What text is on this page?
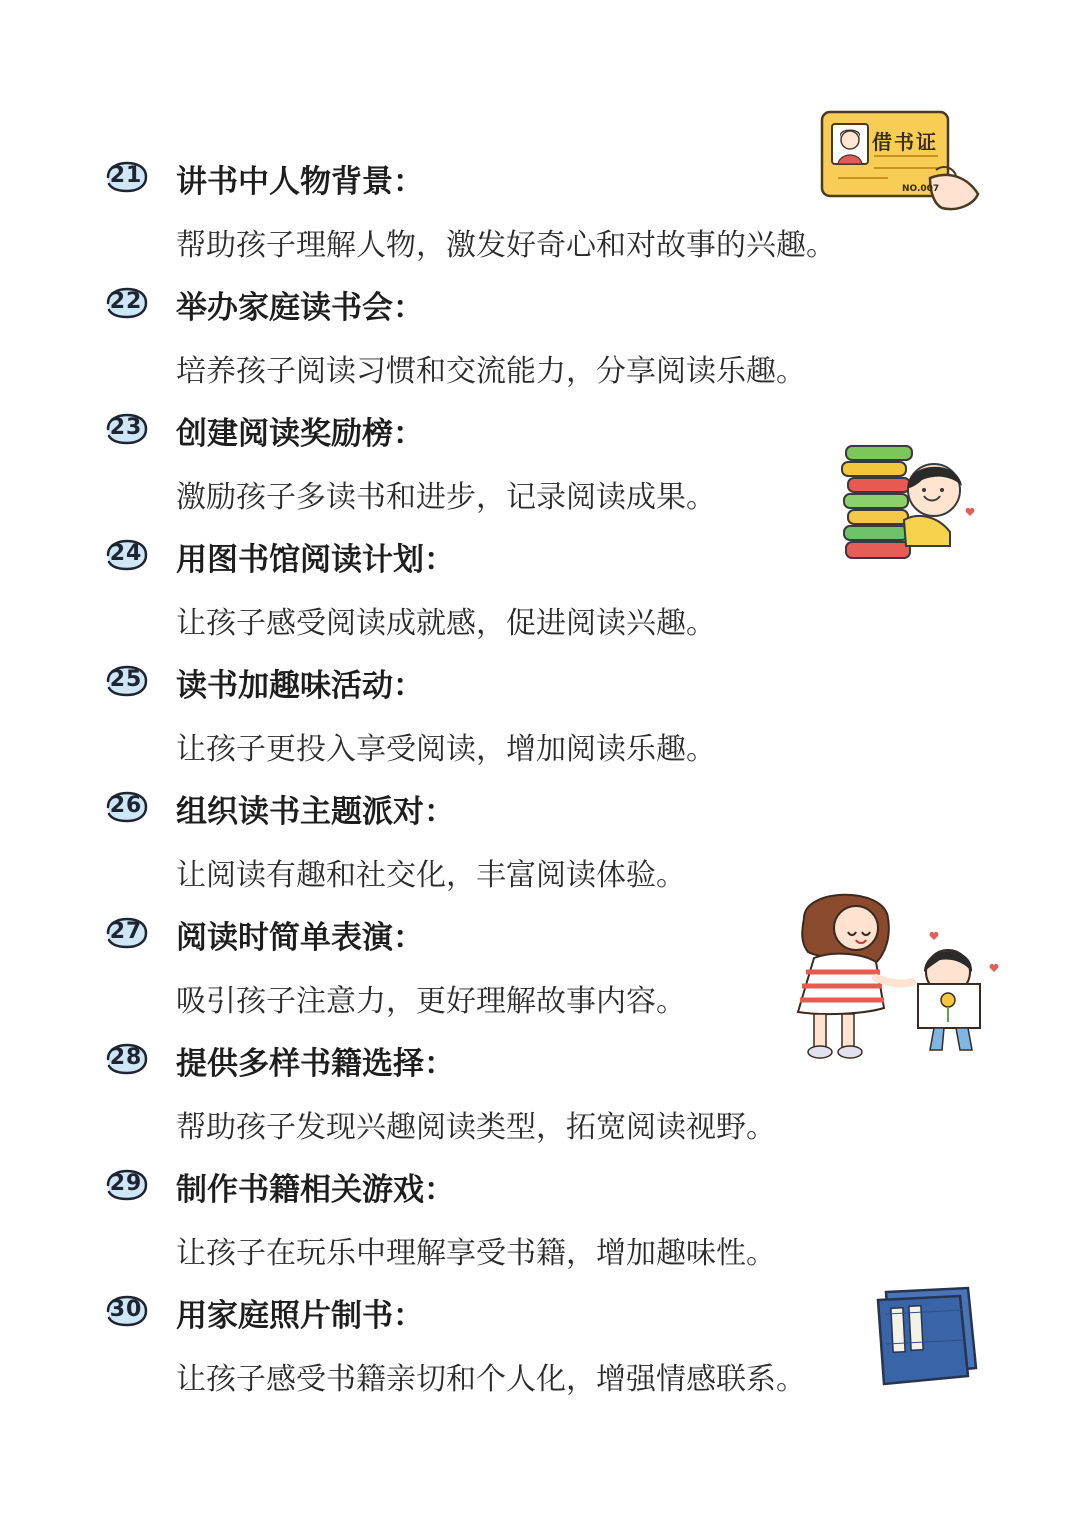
21 讲书中人物背景：
帮助孩子理解人物，激发好奇心和对故事的兴趣。
22 举办家庭读书会：
培养孩子阅读习惯和交流能力，分享阅读乐趣。
23 创建阅读奖励榜：
激励孩子多读书和进步，记录阅读成果。
24 用图书馆阅读计划：
让孩子感受阅读成就感，促进阅读兴趣。
25 读书加趣味活动：
让孩子更投入享受阅读，增加阅读乐趣。
26 组织读书主题派对：
让阅读有趣和社交化，丰富阅读体验。
27 阅读时简单表演：
吸引孩子注意力，更好理解故事内容。
28 提供多样书籍选择：
帮助孩子发现兴趣阅读类型，拓宽阅读视野。
29 制作书籍相关游戏：
让孩子在玩乐中理解享受书籍，增加趣味性。
30 用家庭照片制书：
让孩子感受书籍亲切和个人化，增强情感联系。
借书证
NO.007
